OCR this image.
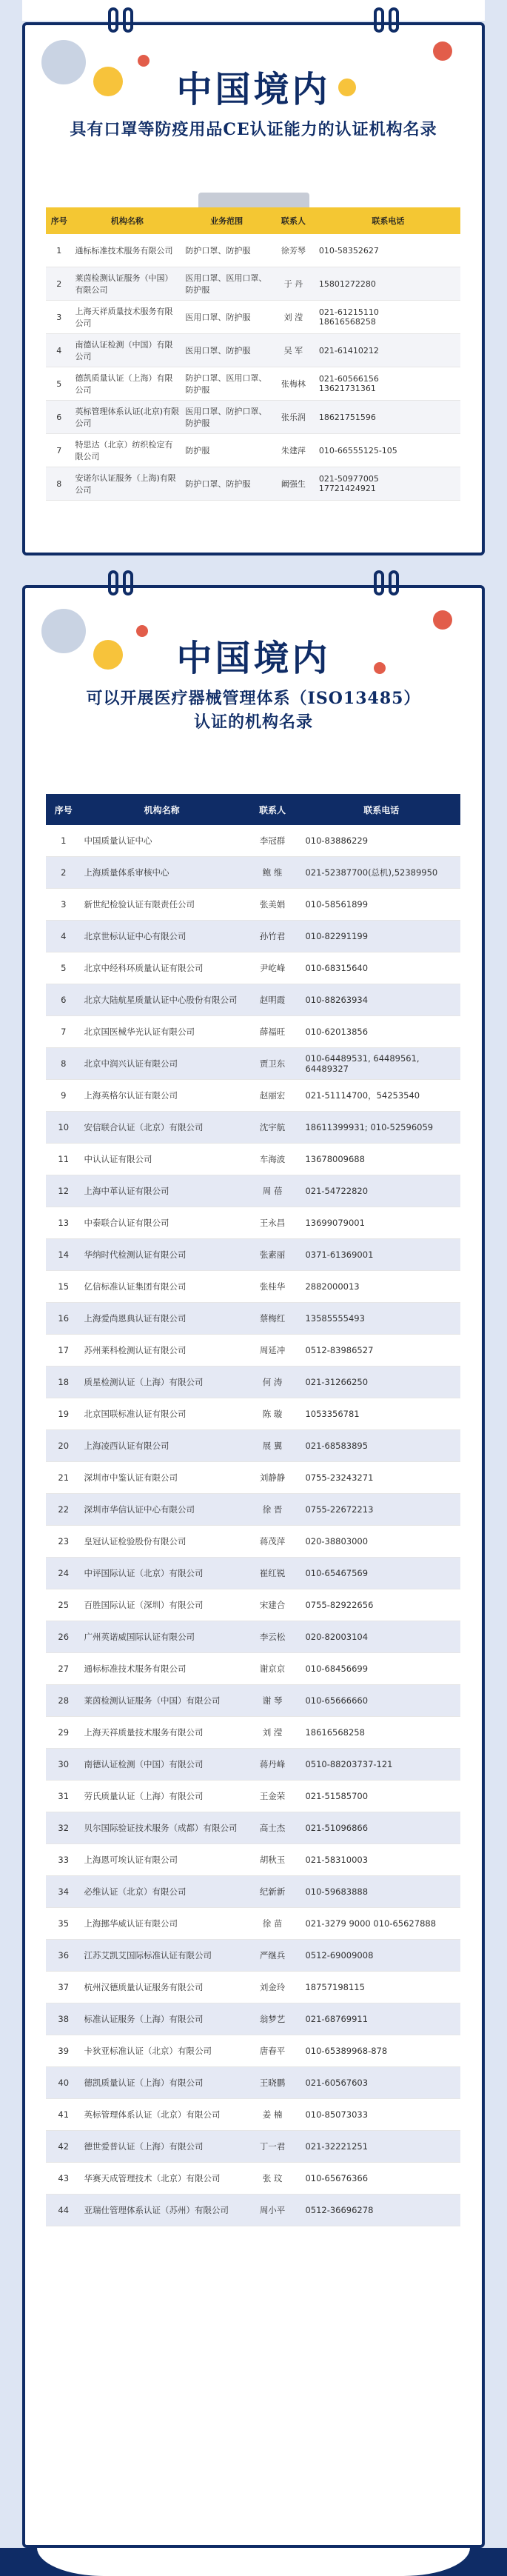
中国境内
具有口罩等防疫用品CE认证能力的认证机构名录
序号	机构名称	业务范围	联系人	联系电话
1	通标标准技术服务有限公司	防护口罩、防护服	徐芳琴	010-58352627
2	莱茵检测认证服务（中国）有限公司	医用口罩、医用口罩、防护服	于 丹	15801272280
3	上海天祥质量技术服务有限公司	医用口罩、防护服	刘 滢	021-61215110
18616568258
4	南德认证检测（中国）有限公司	医用口罩、防护服	吴 军	021-61410212
5	德凯质量认证（上海）有限公司	防护口罩、医用口罩、防护服	张梅林	021-60566156
13621731361
6	英标管理体系认证(北京)有限公司	医用口罩、防护口罩、防护服	张乐润	18621751596
7	特思达（北京）纺织检定有限公司	防护服	朱建萍	010-66555125-105
8	安诺尔认证服务（上海)有限公司	防护口罩、防护服	阚强生	021-50977005
17721424921
中国境内
可以开展医疗器械管理体系（ISO13485）
认证的机构名录
序号	机构名称	联系人	联系电话
1	中国质量认证中心	李冠群	010-83886229
2	上海质量体系审核中心	鲍 维	021-52387700(总机),52389950
3	新世纪检验认证有限责任公司	张美娟	010-58561899
4	北京世标认证中心有限公司	孙竹君	010-82291199
5	北京中经科环质量认证有限公司	尹屹峰	010-68315640
6	北京大陆航星质量认证中心股份有限公司	赵明霞	010-88263934
7	北京国医械华光认证有限公司	薛福旺	010-62013856
8	北京中润兴认证有限公司	贾卫东	010-64489531, 64489561,
64489327
9	上海英格尔认证有限公司	赵丽宏	021-51114700，54253540
10	安信联合认证（北京）有限公司	沈宇航	18611399931; 010-52596059
11	中认认证有限公司	车海波	13678009688
12	上海中革认证有限公司	周 蓓	021-54722820
13	中泰联合认证有限公司	王永昌	13699079001
14	华纳时代检测认证有限公司	张素丽	0371-61369001
15	亿信标准认证集团有限公司	张桂华	2882000013
16	上海爱尚恩典认证有限公司	蔡梅红	13585555493
17	苏州莱科检测认证有限公司	周延冲	0512-83986527
18	质星检测认证（上海）有限公司	何 涛	021-31266250
19	北京国联标准认证有限公司	陈 璇	1053356781
20	上海凌西认证有限公司	展 翼	021-68583895
21	深圳市中鉴认证有限公司	刘静静	0755-23243271
22	深圳市华信认证中心有限公司	徐 晋	0755-22672213
23	皇冠认证检验股份有限公司	蒋茂萍	020-38803000
24	中评国际认证（北京）有限公司	崔红锐	010-65467569
25	百胜国际认证（深圳）有限公司	宋建合	0755-82922656
26	广州英诺威国际认证有限公司	李云松	020-82003104
27	通标标准技术服务有限公司	谢京京	010-68456699
28	莱茵检测认证服务（中国）有限公司	谢 琴	010-65666660
29	上海天祥质量技术服务有限公司	刘 滢	18616568258
30	南德认证检测（中国）有限公司	蒋丹峰	0510-88203737-121
31	劳氏质量认证（上海）有限公司	王金荣	021-51585700
32	贝尔国际验证技术服务（成都）有限公司	高士杰	021-51096866
33	上海恩可埃认证有限公司	胡秋玉	021-58310003
34	必维认证（北京）有限公司	纪新新	010-59683888
35	上海挪华威认证有限公司	徐 苗	021-3279 9000 010-65627888
36	江苏艾凯艾国际标准认证有限公司	严继兵	0512-69009008
37	杭州汉德质量认证服务有限公司	刘金玲	18757198115
38	标准认证服务（上海）有限公司	翁梦艺	021-68769911
39	卡狄亚标准认证（北京）有限公司	唐春平	010-65389968-878
40	德凯质量认证（上海）有限公司	王晓鹏	021-60567603
41	英标管理体系认证（北京）有限公司	姜 楠	010-85073033
42	德世爱普认证（上海）有限公司	丁一君	021-32221251
43	华赛天成管理技术（北京）有限公司	张 玟	010-65676366
44	亚瑞仕管理体系认证（苏州）有限公司	周小平	0512-36696278
